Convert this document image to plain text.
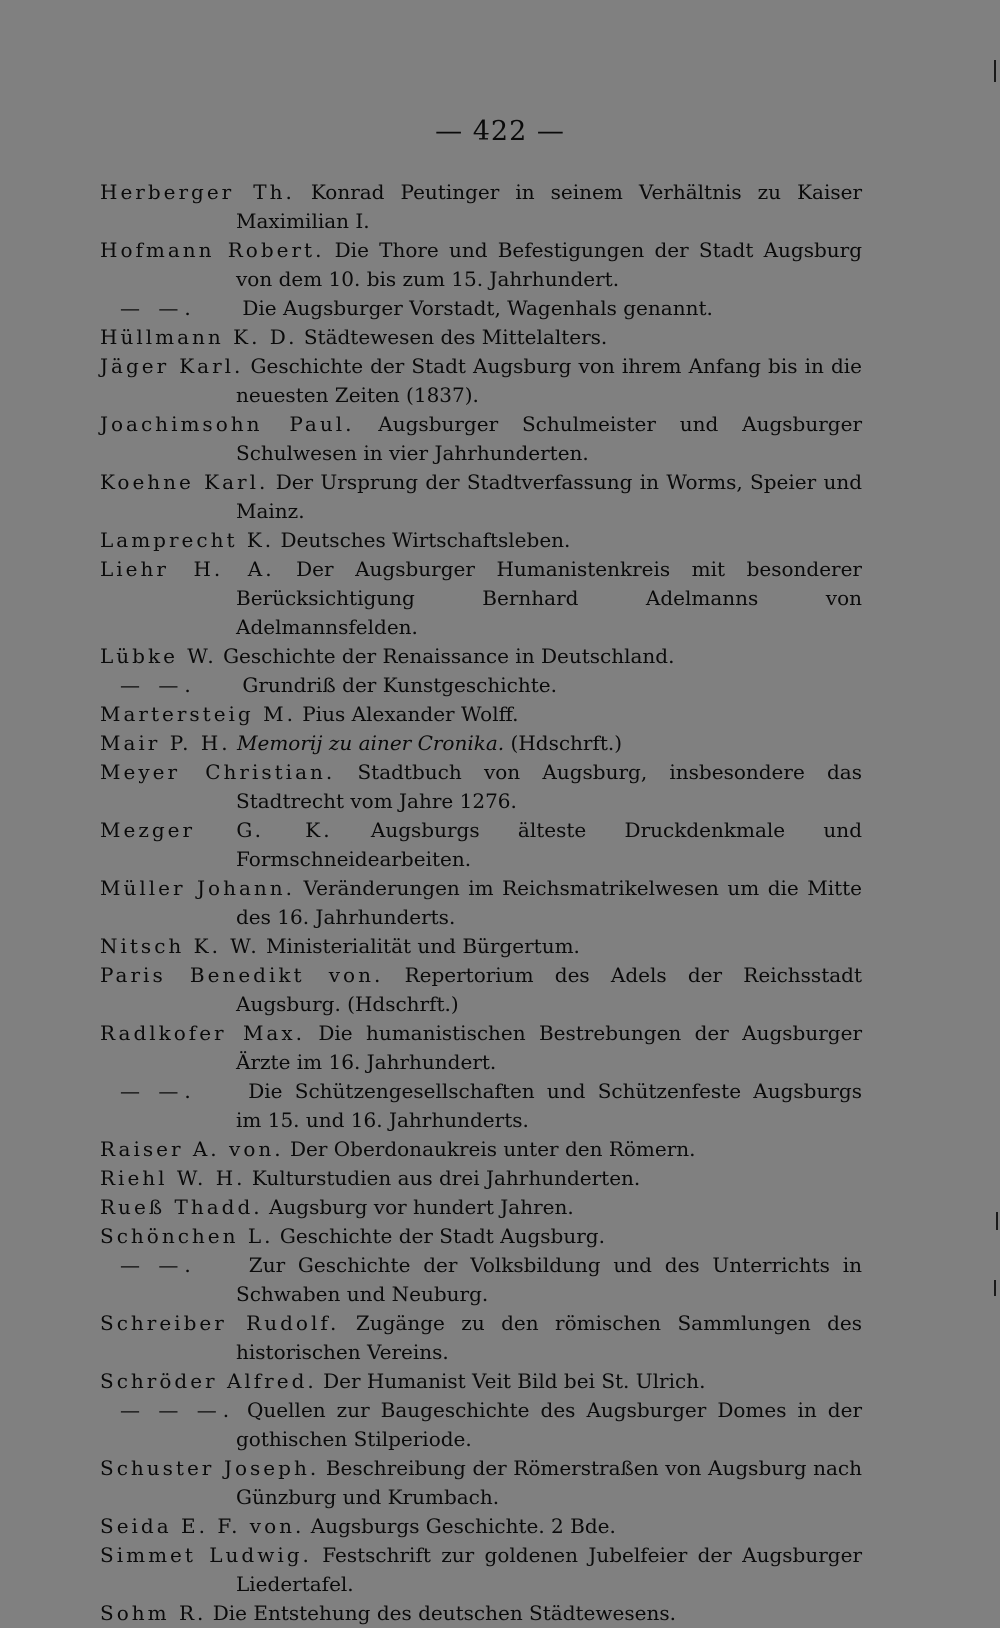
— 422 —

Herberger Th. Konrad Peutinger in seinem Verhältnis zu Kaiser Maximilian I.

Hofmann Robert. Die Thore und Befestigungen der Stadt Augsburg von dem 10. bis zum 15. Jahrhundert.

— —. Die Augsburger Vorstadt, Wagenhals genannt.

Hüllmann K. D. Städtewesen des Mittelalters.

Jäger Karl. Geschichte der Stadt Augsburg von ihrem Anfang bis in die neuesten Zeiten (1837).

Joachimsohn Paul. Augsburger Schulmeister und Augsburger Schulwesen in vier Jahrhunderten.

Koehne Karl. Der Ursprung der Stadtverfassung in Worms, Speier und Mainz.

Lamprecht K. Deutsches Wirtschaftsleben.

Liehr H. A. Der Augsburger Humanistenkreis mit besonderer Berücksichtigung Bernhard Adelmanns von Adelmannsfelden.

Lübke W. Geschichte der Renaissance in Deutschland.

— —. Grundriß der Kunstgeschichte.

Martersteig M. Pius Alexander Wolff.

Mair P. H. Memorij zu ainer Cronika. (Hdschrft.)

Meyer Christian. Stadtbuch von Augsburg, insbesondere das Stadtrecht vom Jahre 1276.

Mezger G. K. Augsburgs älteste Druckdenkmale und Formschneidearbeiten.

Müller Johann. Veränderungen im Reichsmatrikelwesen um die Mitte des 16. Jahrhunderts.

Nitsch K. W. Ministerialität und Bürgertum.

Paris Benedikt von. Repertorium des Adels der Reichsstadt Augsburg. (Hdschrft.)

Radlkofer Max. Die humanistischen Bestrebungen der Augsburger Ärzte im 16. Jahrhundert.

— —.	Die Schützengesellschaften und Schützenfeste Augsburgs im 15. und 16. Jahrhunderts.

Raiser A. von. Der Oberdonaukreis unter den Römern.

Riehl W. H. Kulturstudien aus drei Jahrhunderten.

Rueß Thadd. Augsburg vor hundert Jahren.

Schönchen L. Geschichte der Stadt Augsburg.

— —.	Zur Geschichte der Volksbildung und des Unterrichts in Schwaben und Neuburg.

Schreiber Rudolf. Zugänge zu den römischen Sammlungen des historischen Vereins.

Schröder Alfred. Der Humanist Veit Bild bei St. Ulrich.

— — —. Quellen zur Baugeschichte des Augsburger Domes in der gothischen Stilperiode.

Schuster Joseph. Beschreibung der Römerstraßen von Augsburg nach Günzburg und Krumbach.

Seida E. F. von. Augsburgs Geschichte. 2 Bde.

Simmet Ludwig. Festschrift zur goldenen Jubelfeier der Augsburger Liedertafel.

Sohm R. Die Entstehung des deutschen Städtewesens.
